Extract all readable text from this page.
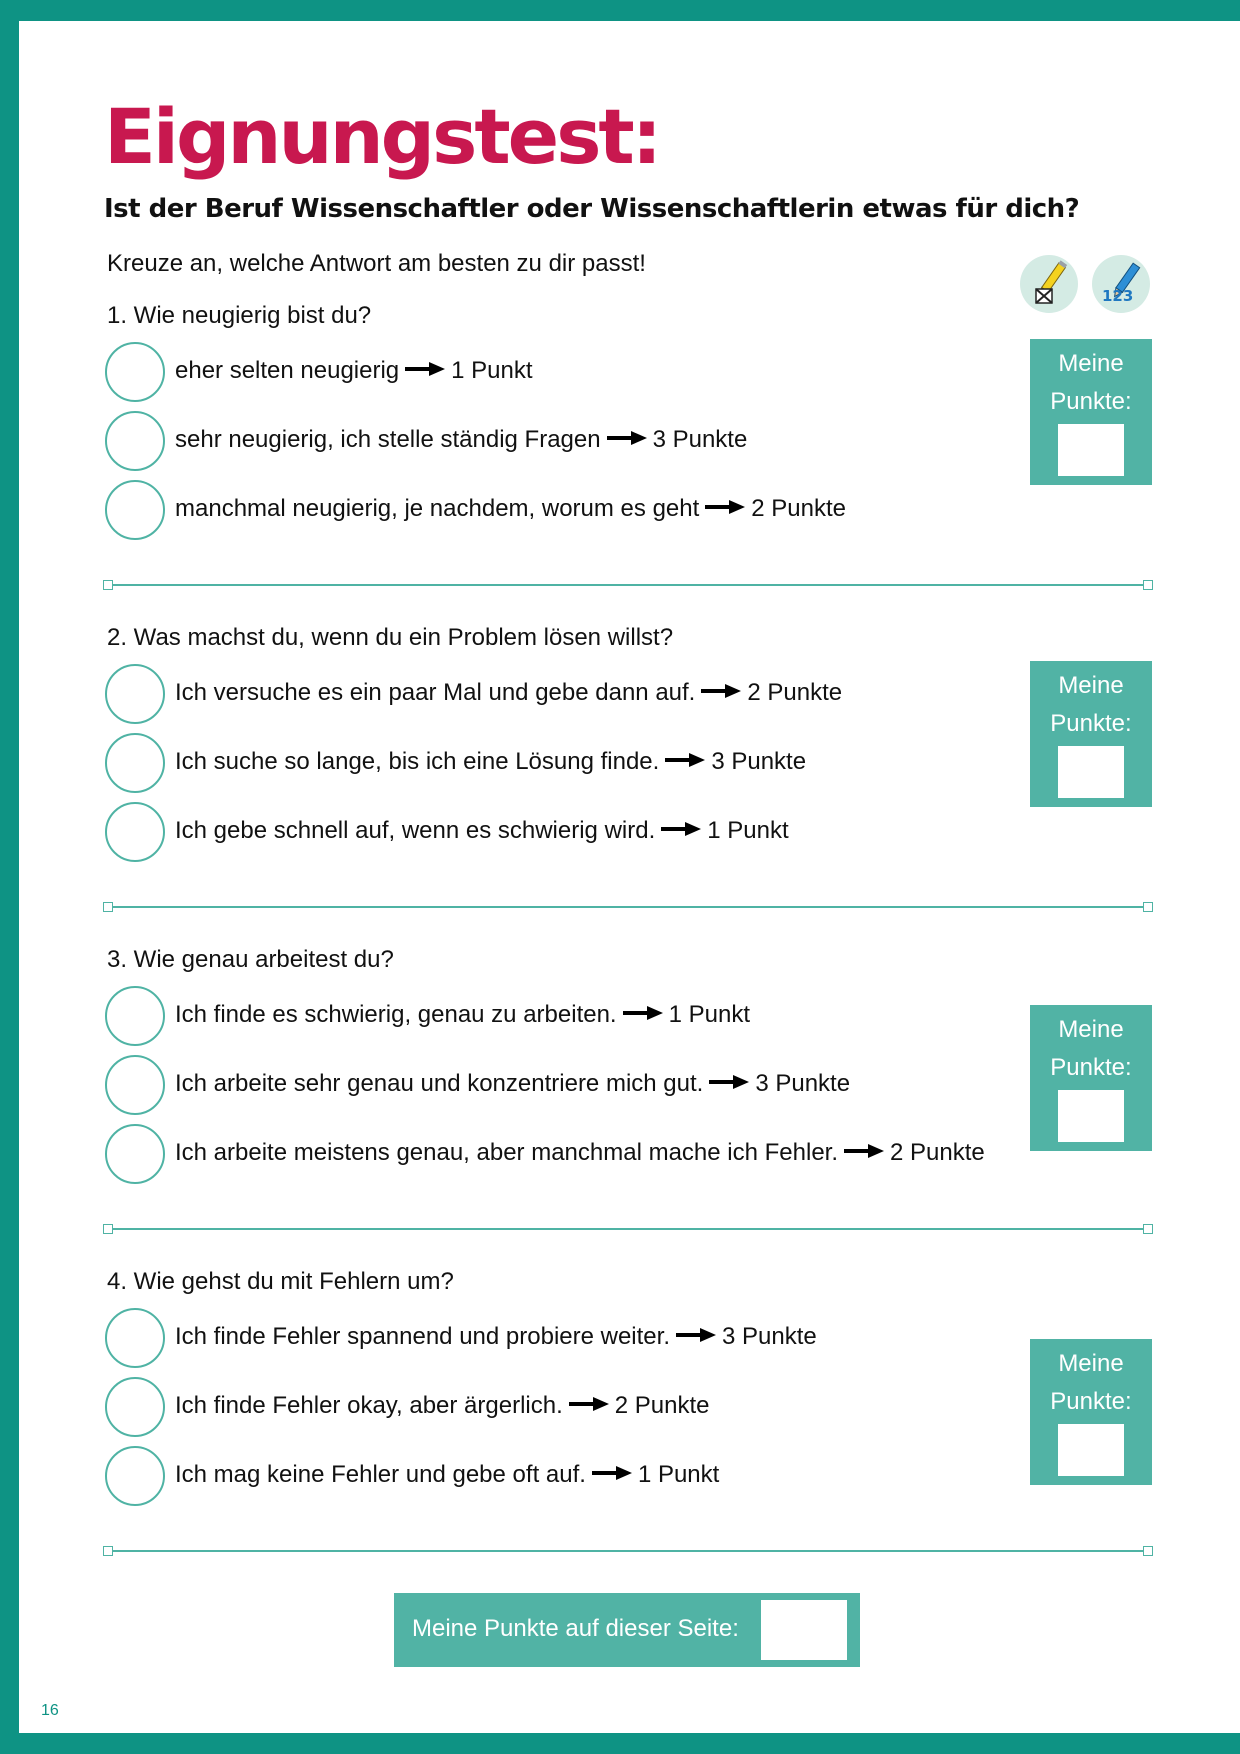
Eignungstest:
Ist der Beruf Wissenschaftler oder Wissenschaftlerin etwas für dich?
Kreuze an, welche Antwort am besten zu dir passt!
123
1. Wie neugierig bist du?
eher selten neugierig 1 Punkt
sehr neugierig, ich stelle ständig Fragen 3 Punkte
manchmal neugierig, je nachdem, worum es geht 2 Punkte
Meine
Punkte:
2. Was machst du, wenn du ein Problem lösen willst?
Ich versuche es ein paar Mal und gebe dann auf. 2 Punkte
Ich suche so lange, bis ich eine Lösung finde. 3 Punkte
Ich gebe schnell auf, wenn es schwierig wird. 1 Punkt
Meine
Punkte:
3. Wie genau arbeitest du?
Ich finde es schwierig, genau zu arbeiten. 1 Punkt
Ich arbeite sehr genau und konzentriere mich gut. 3 Punkte
Ich arbeite meistens genau, aber manchmal mache ich Fehler. 2 Punkte
Meine
Punkte:
4. Wie gehst du mit Fehlern um?
Ich finde Fehler spannend und probiere weiter. 3 Punkte
Ich finde Fehler okay, aber ärgerlich. 2 Punkte
Ich mag keine Fehler und gebe oft auf. 1 Punkt
Meine
Punkte:
Meine Punkte auf dieser Seite:
16
